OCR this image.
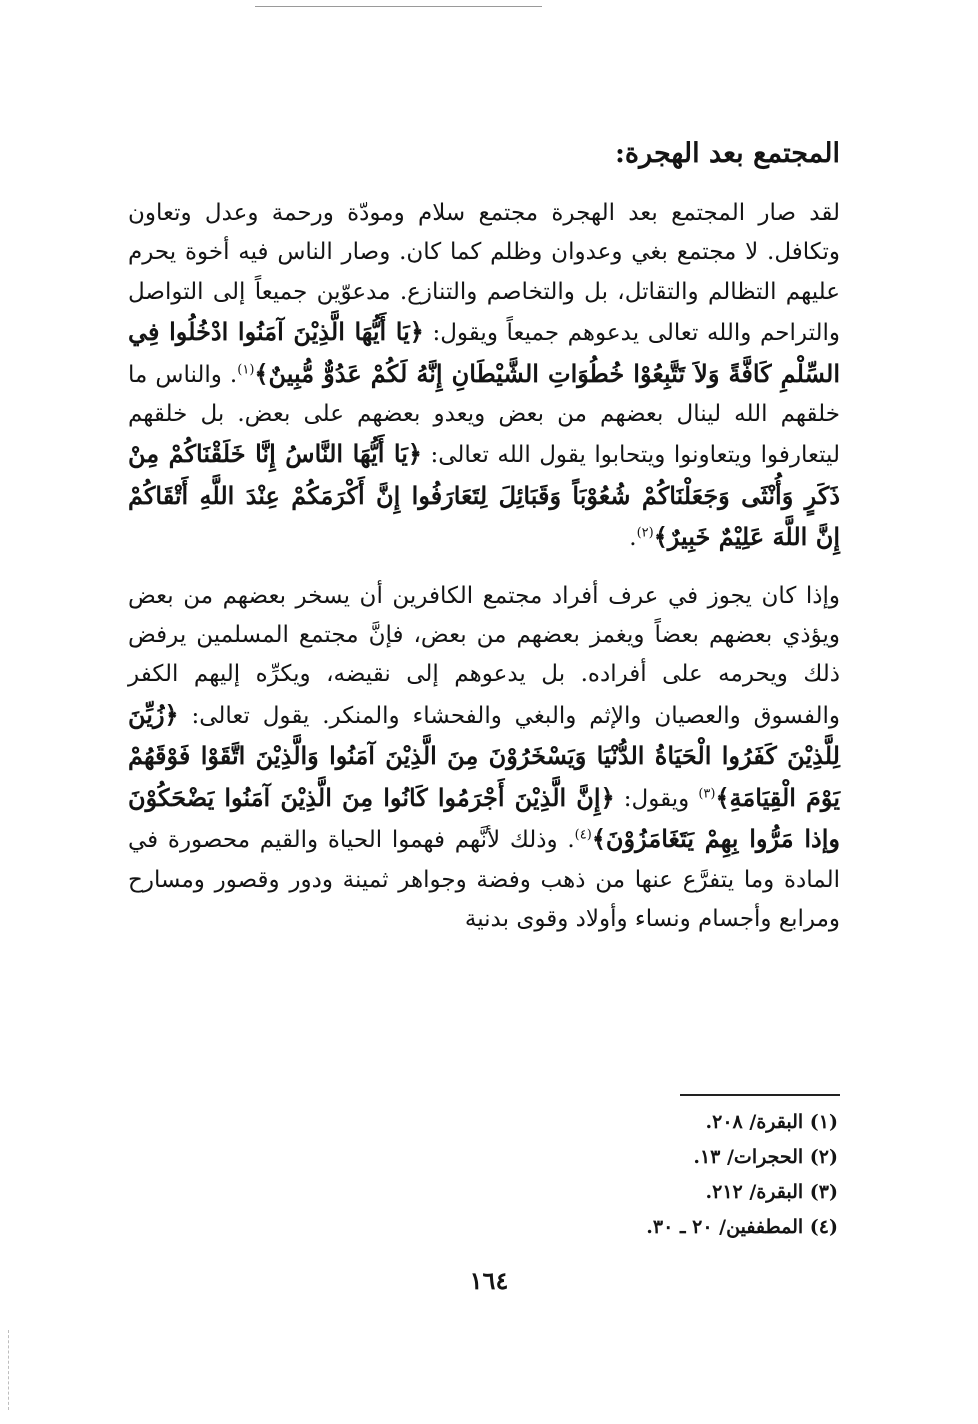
المجتمع بعد الهجرة:

لقد صار المجتمع بعد الهجرة مجتمع سلام ومودّة ورحمة وعدل وتعاون وتكافل. لا مجتمع بغي وعدوان وظلم كما كان. وصار الناس فيه أخوة يحرم عليهم التظالم والتقاتل، بل والتخاصم والتنازع. مدعوّين جميعاً إلى التواصل والتراحم والله تعالى يدعوهم جميعاً ويقول: ﴿يَا أَيُّهَا الَّذِيْنَ آمَنُوا ادْخُلُوا فِي السِّلْمِ كَافَّةً وَلاَ تَتَّبِعُوْا خُطُوَاتِ الشَّيْطَانِ إِنَّهُ لَكُمْ عَدُوٌّ مُّبِينٌ﴾$^{(١)}$. والناس ما خلقهم الله لينال بعضهم من بعض ويعدو بعضهم على بعض. بل خلقهم ليتعارفوا ويتعاونوا ويتحابوا يقول الله تعالى: ﴿يَا أَيُّهَا النَّاسُ إِنَّا خَلَقْنَاكُمْ مِنْ ذَكَرٍ وَأُنْثَى وَجَعَلْنَاكُمْ شُعُوْبَاً وَقَبَائِلَ لِتَعَارَفُوا إِنَّ أَكْرَمَكُمْ عِنْدَ اللَّهِ أَتْقَاكُمْ إِنَّ اللَّهَ عَلِيْمٌ خَبِيرٌ﴾$^{(٢)}$.

وإذا كان يجوز في عرف أفراد مجتمع الكافرين أن يسخر بعضهم من بعض ويؤذي بعضهم بعضاً ويغمز بعضهم من بعض، فإنَّ مجتمع المسلمين يرفض ذلك ويحرمه على أفراده. بل يدعوهم إلى نقيضه، ويكرِّه إليهم الكفر والفسوق والعصيان والإثم والبغي والفحشاء والمنكر. يقول تعالى: ﴿زُيِّنَ لِلَّذِيْنَ كَفَرُوا الْحَيَاةُ الدُّنْيَا وَيَسْخَرُوْنَ مِنَ الَّذِيْنَ آمَنُوا وَالَّذِيْنَ اتَّقَوْا فَوْقَهُمْ يَوْمَ الْقِيَامَةِ﴾$^{(٣)}$ ويقول: ﴿إِنَّ الَّذِيْنَ أَجْرَمُوا كَانُوا مِنَ الَّذِيْنَ آمَنُوا يَضْحَكُوْنَ وإذا مَرُّوا بِهِمْ يَتَغَامَزُوْنَ﴾$^{(٤)}$. وذلك لأنَّهم فهموا الحياة والقيم محصورة في المادة وما يتفرَّع عنها من ذهب وفضة وجواهر ثمينة ودور وقصور ومسارح ومرابع وأجسام ونساء وأولاد وقوى بدنية

(١) البقرة/ ٢٠٨.
(٢) الحجرات/ ١٣.
(٣) البقرة/ ٢١٢.
(٤) المطففين/ ٢٠ ـ ٣٠.
١٦٤
